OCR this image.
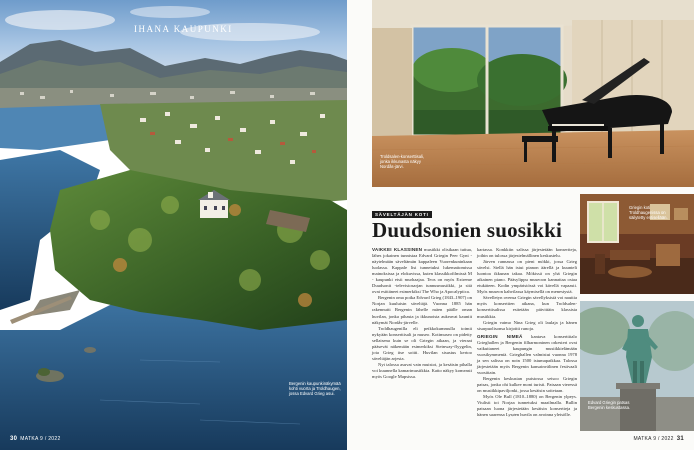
IHANA KAUPUNKI
Bergenin kaupunkinäkymää kohti vuorta ja Troldhaugen, jossa Edvard Grieg asui.
30 MATKA 9 / 2022
Troldsalen-konserttisali, jonka ikkunasta näkyy Nordås-järvi.
Griegin koti Troldhaugenissa on säilytetty entisellään.
Edvard Griegin patsas Bergenin keskustassa.
SÄVELTÄJÄN KOTI
Duudsonien suosikki

VAIKKEI KLASSINEN musiikki olisikaan tuttua, lähes jokainen tunnistaa Edvard Griegin Peer Gynt -näytelmään säveltämän kappaleen Vuorenkuninkaan luolassa. Kappale lisi tunnetuksi lukemattomissa mainoksissa ja elokuvissa, kuten klassikkofilmissä M - kaupunki etsii murhaajaa. Teos on myös Extreme Duudsonit -televisiosarjan tunnusmusiikki, ja sitä ovat esittäneet esimerkiksi The Who ja Apocalyptica.

Bergenin oma poika Edvard Grieg (1843–1907) on Norjan kuuluisin säveltäjä. Vuonna 1885 hän rakennutti Bergenin lähelle mäen päälle oman huvilan, jonka pihasta ja ikkunoista aukeavat kauniit näkymät Nordås-järvelle.

Troldhaugenilla eli peikkokummulla toimii nykyään konserttisali ja museo. Kotimuseo on pidetty sellaisena kuin se oli Griegin aikaan, ja vieraat pääsevät näkemään esimerkiksi Steinway-flyygelin, jota Grieg itse soitti. Huvilan sisustus kertoo säveltäjän arjesta.

Nyt talossa asuvat vain muistot, ja kesäisin pihalla voi kuunnella kamarimusiikkia. Katto näkyy komeasti myös Google Mapsissa.

kartassa. Konkkiin salissa järjestetään konsertteja, joihin on tulossa järjestelmällinen keskustelu.

Järven rannassa on pieni mökki, jossa Grieg sävelsi. Siellä hän istui pianon äärellä ja kuunteli luontoa ikkunan takaa. Mökissä on yhä Griegin aikainen piano. Pääsylippu museoon kannattaa ostaa etukäteen. Kodin ympäristössä voi kävellä vapaasti. Myös museon kahvilassa käymisellä on menestystä.

Sävelletyn ovensa Griegin sävellyksistä voi nauttia myös konserttien aikana, kun Troldsalen-konserttisalissa esitetään päivittäin klassista musiikkia.

Griegin vaimo Nina Grieg oli laulaja ja hänen sisarpuolisonsa kirjoitti runoja.

GRIEGIN NIMEÄ kantava konserttitalo Grieghallen ja Bergenin filharmoninen orkesteri ovat vaikuttaneet kaupungin musiikkielämään vuosikymmeniä. Grieghallen valmistui vuonna 1978 ja sen salissa on noin 1500 istumapaikkaa. Talossa järjestetään myös Bergenin kansainvälinen festivaali vuosittain.

Bergenin keskustan puistossa seisoo Griegin patsas, jonka ohi kulkee moni turisti. Patsaan vieressä on musiikkipaviljonki, jossa kesäisin soitetaan.

Myös Ole Bull (1810–1880) on Bergenin ylpeys. Viulisti toi Norjaa tunnetuksi maailmalla. Bullin patsaan luona järjestetään kesäisin konsertteja ja hänen saarensa Lysøen huvila on avoinna yleisölle.

MATKA 9 / 2022 31
